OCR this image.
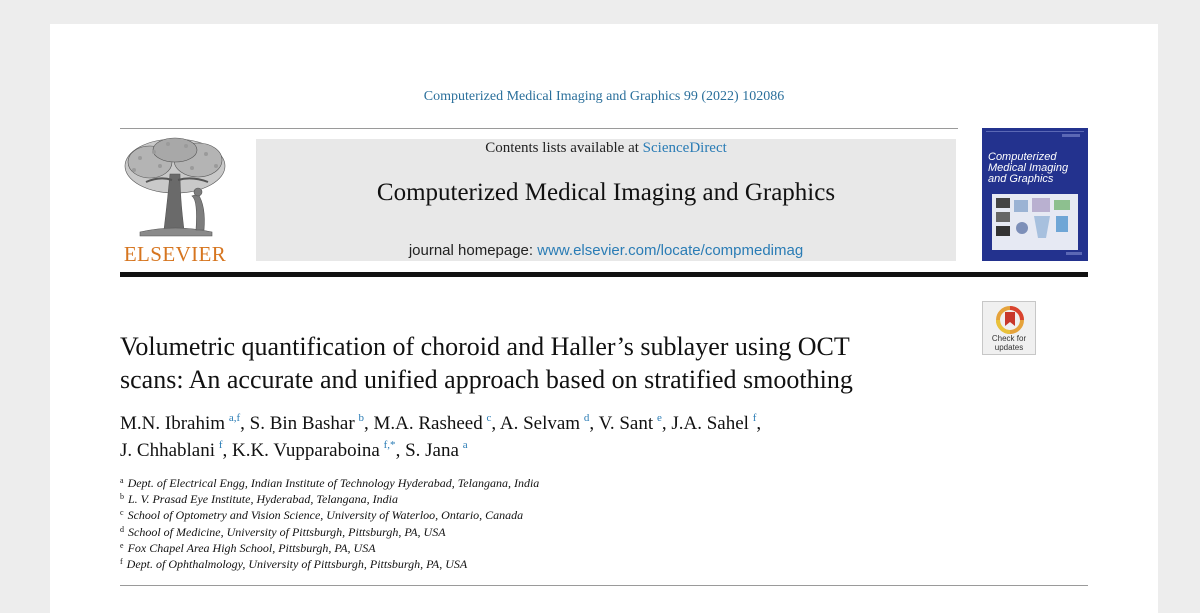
Computerized Medical Imaging and Graphics 99 (2022) 102086
ELSEVIER
Contents lists available at ScienceDirect
Computerized Medical Imaging and Graphics
journal homepage: www.elsevier.com/locate/compmedimag
Computerized
Medical Imaging
and Graphics
Check for
updates
Volumetric quantification of choroid and Haller’s sublayer using OCT
scans: An accurate and unified approach based on stratified smoothing
M.N. Ibrahim  $^{a,f}$, S. Bin Bashar  $^b$, M.A. Rasheed  $^c$, A. Selvam  $^d$, V. Sant  $^e$, J.A. Sahel  $^f$,
J. Chhablani  $^f$, K.K. Vupparaboina  $^{f,*}$, S. Jana  $^a$
$^a$ Dept. of Electrical Engg, Indian Institute of Technology Hyderabad, Telangana, India
$^b$ L. V. Prasad Eye Institute, Hyderabad, Telangana, India
$^c$ School of Optometry and Vision Science, University of Waterloo, Ontario, Canada
$^d$ School of Medicine, University of Pittsburgh, Pittsburgh, PA, USA
$^e$ Fox Chapel Area High School, Pittsburgh, PA, USA
$^f$ Dept. of Ophthalmology, University of Pittsburgh, Pittsburgh, PA, USA
